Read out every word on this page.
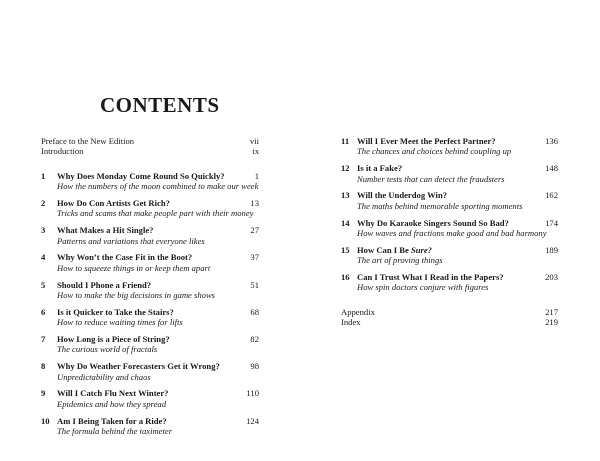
CONTENTS
Preface to the New Edition	vii
Introduction	ix
1	Why Does Monday Come Round So Quickly?	1
How the numbers of the moon combined to make our week
2	How Do Con Artists Get Rich?	13
Tricks and scams that make people part with their money
3	What Makes a Hit Single?	27
Patterns and variations that everyone likes
4	Why Won’t the Case Fit in the Boot?	37
How to squeeze things in or keep them apart
5	Should I Phone a Friend?	51
How to make the big decisions in game shows
6	Is it Quicker to Take the Stairs?	68
How to reduce waiting times for lifts
7	How Long is a Piece of String?	82
The curious world of fractals
8	Why Do Weather Forecasters Get it Wrong?	98
Unpredictability and chaos
9	Will I Catch Flu Next Winter?	110
Epidemics and how they spread
10 Am I Being Taken for a Ride?	124
The formula behind the taximeter
11 Will I Ever Meet the Perfect Partner?	136
The chances and choices behind coupling up
12 Is it a Fake?	148
Number tests that can detect the fraudsters
13 Will the Underdog Win?	162
The maths behind memorable sporting moments
14 Why Do Karaoke Singers Sound So Bad?	174
How waves and fractions make good and bad harmony
15 How Can I Be Sure?	189
The art of proving things
16 Can I Trust What I Read in the Papers?	203
How spin doctors conjure with figures
Appendix	217
Index	219
